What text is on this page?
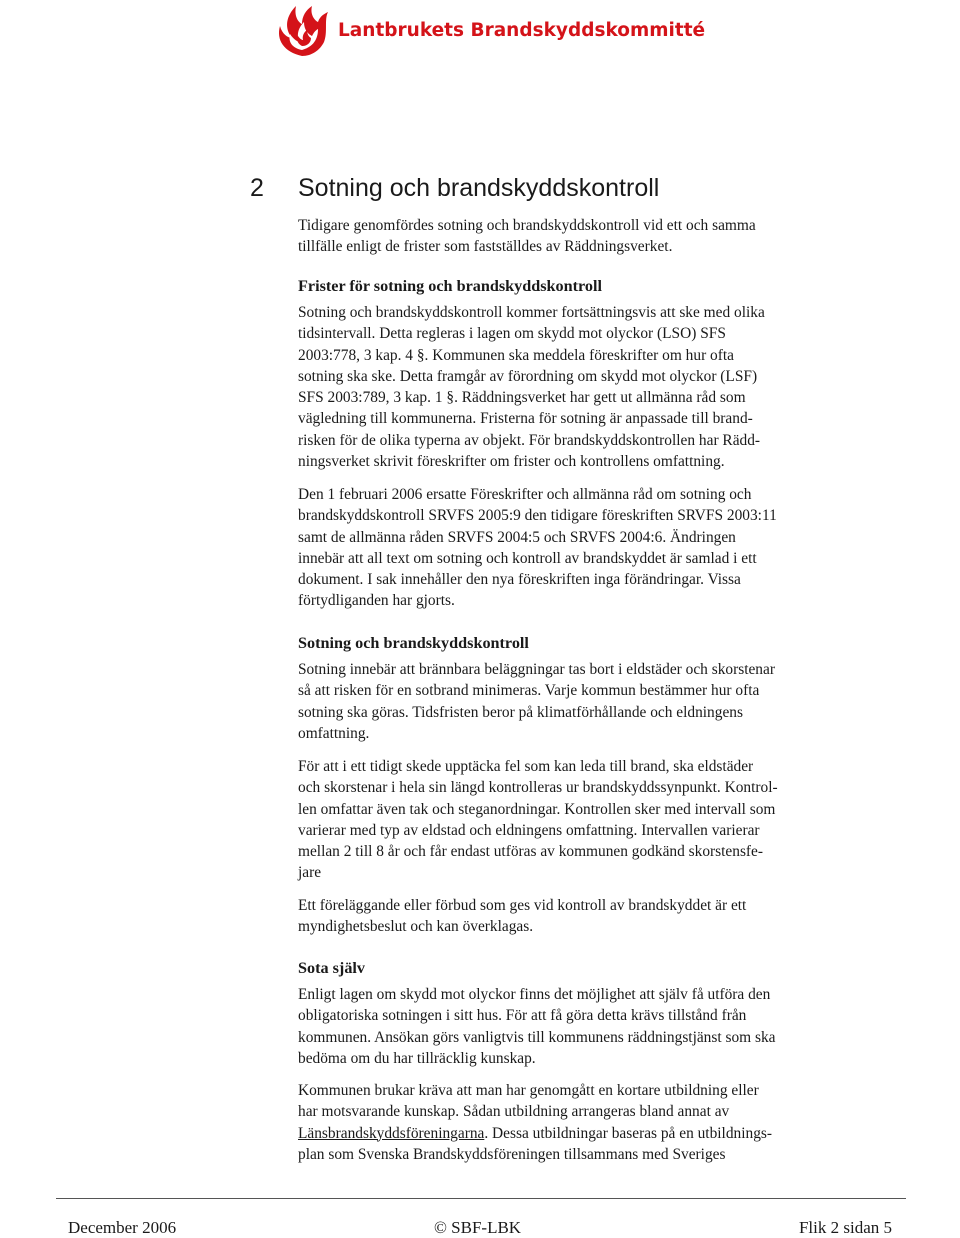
Lantbrukets Brandskyddskommitté
2 Sotning och brandskyddskontroll

Tidigare genomfördes sotning och brandskyddskontroll vid ett och samma
tillfälle enligt de frister som fastställdes av Räddningsverket.

Frister för sotning och brandskyddskontroll

Sotning och brandskyddskontroll kommer fortsättningsvis att ske med olika
tidsintervall. Detta regleras i lagen om skydd mot olyckor (LSO) SFS
2003:778, 3 kap. 4 §. Kommunen ska meddela föreskrifter om hur ofta
sotning ska ske. Detta framgår av förordning om skydd mot olyckor (LSF)
SFS 2003:789, 3 kap. 1 §. Räddningsverket har gett ut allmänna råd som
vägledning till kommunerna. Fristerna för sotning är anpassade till brand-
risken för de olika typerna av objekt. För brandskyddskontrollen har Rädd-
ningsverket skrivit föreskrifter om frister och kontrollens omfattning.

Den 1 februari 2006 ersatte Föreskrifter och allmänna råd om sotning och
brandskyddskontroll SRVFS 2005:9 den tidigare föreskriften SRVFS 2003:11
samt de allmänna råden SRVFS 2004:5 och SRVFS 2004:6. Ändringen
innebär att all text om sotning och kontroll av brandskyddet är samlad i ett
dokument. I sak innehåller den nya föreskriften inga förändringar. Vissa
förtydliganden har gjorts.

Sotning och brandskyddskontroll

Sotning innebär att brännbara beläggningar tas bort i eldstäder och skorstenar
så att risken för en sotbrand minimeras. Varje kommun bestämmer hur ofta
sotning ska göras. Tidsfristen beror på klimatförhållande och eldningens
omfattning.

För att i ett tidigt skede upptäcka fel som kan leda till brand, ska eldstäder
och skorstenar i hela sin längd kontrolleras ur brandskyddssynpunkt. Kontrol-
len omfattar även tak och steganordningar. Kontrollen sker med intervall som
varierar med typ av eldstad och eldningens omfattning. Intervallen varierar
mellan 2 till 8 år och får endast utföras av kommunen godkänd skorstensfe-
jare

Ett föreläggande eller förbud som ges vid kontroll av brandskyddet är ett
myndighetsbeslut och kan överklagas.

Sota själv

Enligt lagen om skydd mot olyckor finns det möjlighet att själv få utföra den
obligatoriska sotningen i sitt hus. För att få göra detta krävs tillstånd från
kommunen. Ansökan görs vanligtvis till kommunens räddningstjänst som ska
bedöma om du har tillräcklig kunskap.

Kommunen brukar kräva att man har genomgått en kortare utbildning eller
har motsvarande kunskap. Sådan utbildning arrangeras bland annat av
Länsbrandskyddsföreningarna. Dessa utbildningar baseras på en utbildnings-
plan som Svenska Brandskyddsföreningen tillsammans med Sveriges

December 2006	© SBF-LBK	Flik 2 sidan 5
